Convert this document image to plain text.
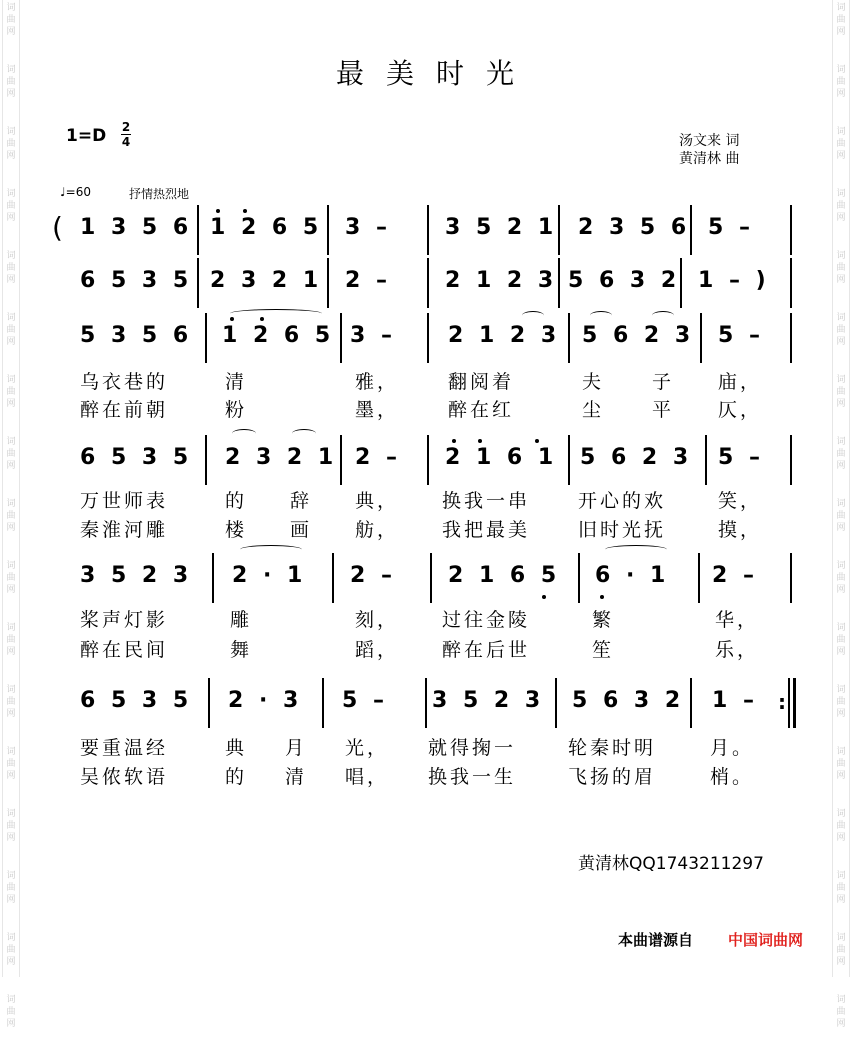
词
曲
网
词
曲
网
词
曲
网
词
曲
网
词
曲
网
词
曲
网
词
曲
网
词
曲
网
词
曲
网
词
曲
网
词
曲
网
词
曲
网
词
曲
网
词
曲
网
词
曲
网
词
曲
网
词
曲
网
词
曲
网
词
曲
网
词
曲
网
词
曲
网
词
曲
网
词
曲
网
词
曲
网
词
曲
网
词
曲
网
词
曲
网
词
曲
网
词
曲
网
词
曲
网
词
曲
网
词
曲
网
词
曲
网
词
曲
网
最美时光
1=D 2
4	汤文来 词
黄清林 曲
♩=60	抒情热烈地
( 1 3 5 6 1 2 6 5 3 – 3 5 2 1 2 3 5 6 5 –
6 5 3 5 2 3 2 1 2 – 2 1 2 3 5 6 3 2 1 – )
5 3 5 6 1 2 6 5 3 – 2 1 2 3 5 6 2 3 5 –
乌衣巷的	清	雅，	翻阅着	夫	子 庙，
醉在前朝	粉	墨，	醉在红	尘	平 仄，
6 5 3 5 2 3 2 1 2 – 2 1 6 1 5 6 2 3 5 –
万世师表	的 辞 典， 换我一串	开心的欢	笑，
秦淮河雕	楼 画 舫， 我把最美	旧时光抚	摸，
3 5 2 3 2 · 1 2 – 2 1 6 5 6 · 1 2 –
桨声灯影	雕	刻， 过往金陵	繁	华，
醉在民间	舞	蹈， 醉在后世	笙	乐，
6 5 3 5 2 · 3 5 – 3 5 2 3 5 6 3 2 1 – :
要重温经	典 月 光， 就得掬一	轮秦时明	月。
吴侬软语	的 清 唱， 换我一生	飞扬的眉	梢。
黄清林QQ1743211297
本曲谱源自 中国词曲网
